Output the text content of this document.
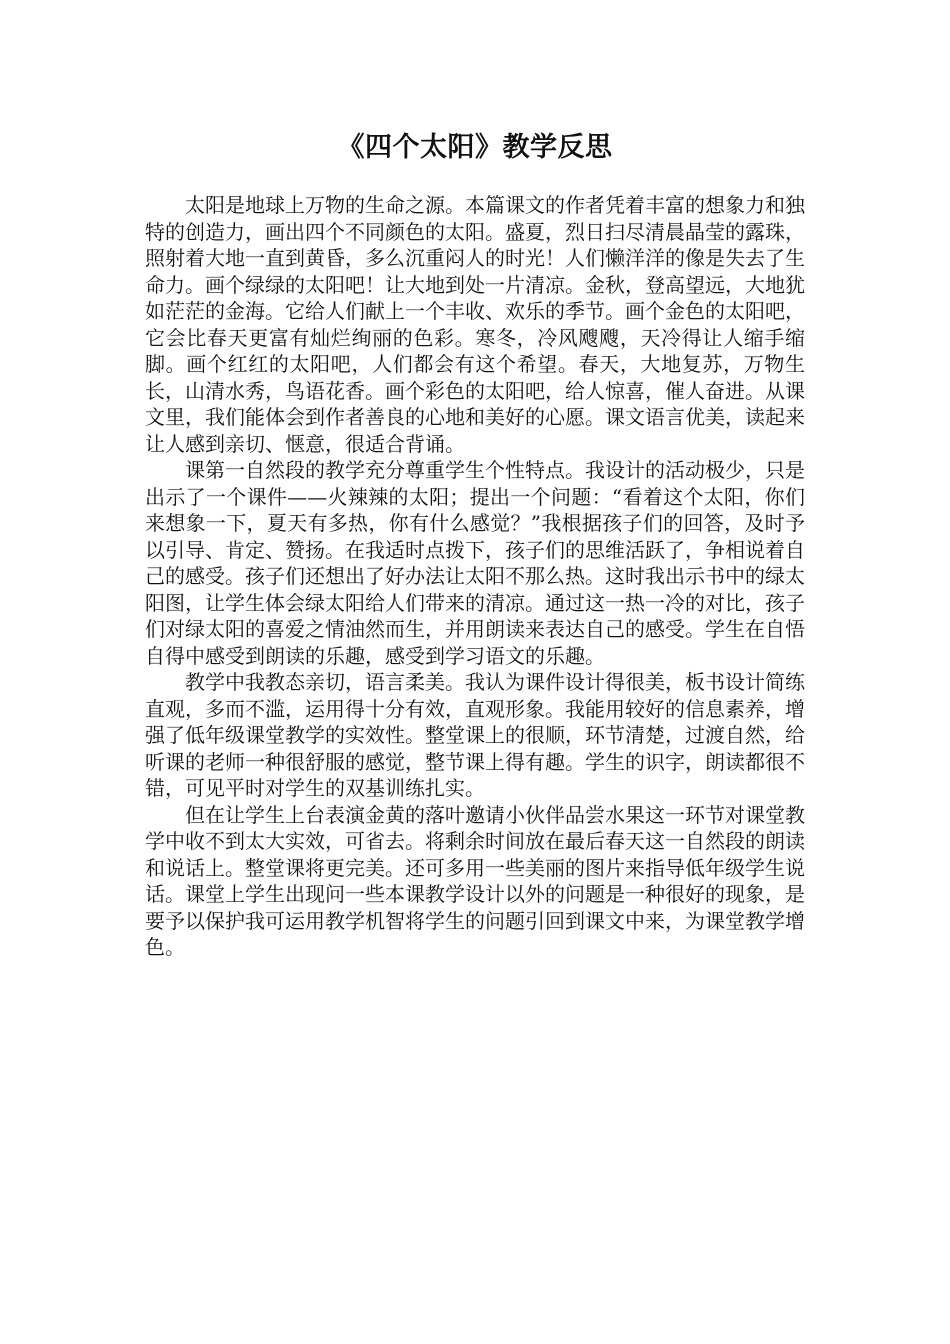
《四个太阳》教学反思

太阳是地球上万物的生命之源。本篇课文的作者凭着丰富的想象力和独特的创造力，画出四个不同颜色的太阳。盛夏，烈日扫尽清晨晶莹的露珠，照射着大地一直到黄昏，多么沉重闷人的时光！人们懒洋洋的像是失去了生命力。画个绿绿的太阳吧！让大地到处一片清凉。金秋，登高望远，大地犹如茫茫的金海。它给人们献上一个丰收、欢乐的季节。画个金色的太阳吧，它会比春天更富有灿烂绚丽的色彩。寒冬，冷风飕飕，天冷得让人缩手缩脚。画个红红的太阳吧，人们都会有这个希望。春天，大地复苏，万物生长，山清水秀，鸟语花香。画个彩色的太阳吧，给人惊喜，催人奋进。从课文里，我们能体会到作者善良的心地和美好的心愿。课文语言优美，读起来让人感到亲切、惬意，很适合背诵。

课第一自然段的教学充分尊重学生个性特点。我设计的活动极少，只是出示了一个课件——火辣辣的太阳；提出一个问题：“看着这个太阳，你们来想象一下，夏天有多热，你有什么感觉？”我根据孩子们的回答，及时予以引导、肯定、赞扬。在我适时点拨下，孩子们的思维活跃了，争相说着自己的感受。孩子们还想出了好办法让太阳不那么热。这时我出示书中的绿太阳图，让学生体会绿太阳给人们带来的清凉。通过这一热一冷的对比，孩子们对绿太阳的喜爱之情油然而生，并用朗读来表达自己的感受。学生在自悟自得中感受到朗读的乐趣，感受到学习语文的乐趣。

教学中我教态亲切，语言柔美。我认为课件设计得很美，板书设计简练直观，多而不滥，运用得十分有效，直观形象。我能用较好的信息素养，增强了低年级课堂教学的实效性。整堂课上的很顺，环节清楚，过渡自然，给听课的老师一种很舒服的感觉，整节课上得有趣。学生的识字，朗读都很不错，可见平时对学生的双基训练扎实。

但在让学生上台表演金黄的落叶邀请小伙伴品尝水果这一环节对课堂教学中收不到太大实效，可省去。将剩余时间放在最后春天这一自然段的朗读和说话上。整堂课将更完美。还可多用一些美丽的图片来指导低年级学生说话。课堂上学生出现问一些本课教学设计以外的问题是一种很好的现象，是要予以保护我可运用教学机智将学生的问题引回到课文中来，为课堂教学增色。
